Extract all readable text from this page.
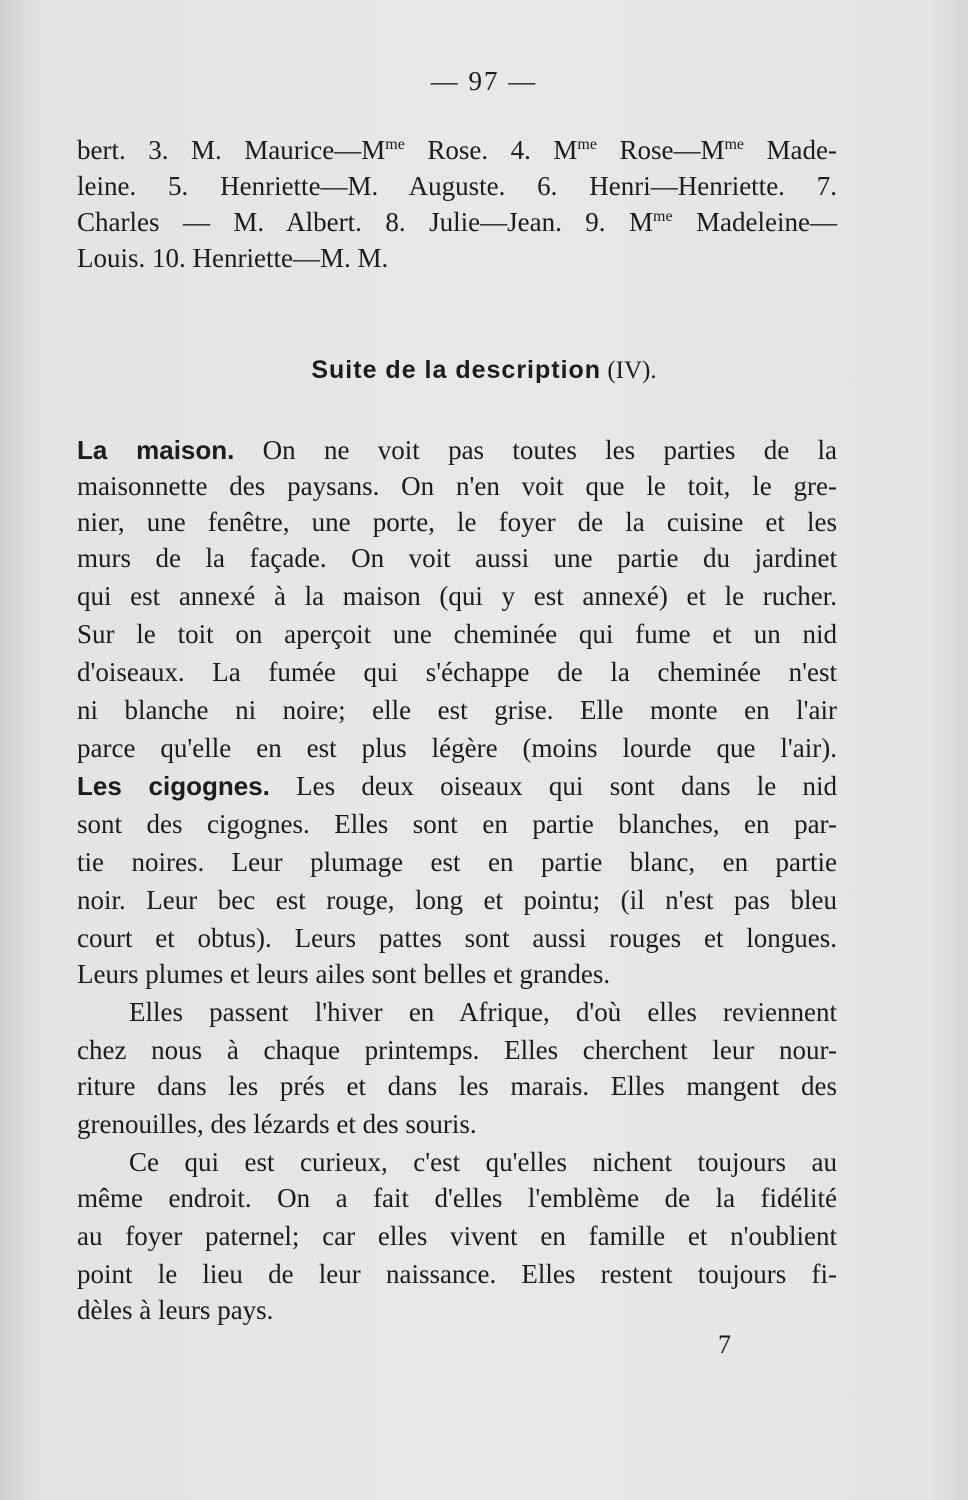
— 97 —
bert. 3. M. $Maurice—M^{me}$ Rose. 4. $M^{me}$ $Rose—M^{me}$ Made-
leine. 5. Henriette—M. Auguste. 6. Henri—Henriette. 7.
Charles — M. Albert. 8. Julie—Jean. 9. $M^{me}$ Madeleine—
Louis. 10. Henriette—M. M.
Suite de la description (IV).
La maison. On ne voit pas toutes les parties de la
maisonnette des paysans. On n'en voit que le toit, le gre-
nier, une fenêtre, une porte, le foyer de la cuisine et les
murs de la façade. On voit aussi une partie du jardinet
qui est annexé à la maison (qui y est annexé) et le rucher.
Sur le toit on aperçoit une cheminée qui fume et un nid
d'oiseaux. La fumée qui s'échappe de la cheminée n'est
ni blanche ni noire; elle est grise. Elle monte en l'air
parce qu'elle en est plus légère (moins lourde que l'air).
Les cigognes. Les deux oiseaux qui sont dans le nid
sont des cigognes. Elles sont en partie blanches, en par-
tie noires. Leur plumage est en partie blanc, en partie
noir. Leur bec est rouge, long et pointu; (il n'est pas bleu
court et obtus). Leurs pattes sont aussi rouges et longues.
Leurs plumes et leurs ailes sont belles et grandes.
Elles passent l'hiver en Afrique, d'où elles reviennent
chez nous à chaque printemps. Elles cherchent leur nour-
riture dans les prés et dans les marais. Elles mangent des
grenouilles, des lézards et des souris.
Ce qui est curieux, c'est qu'elles nichent toujours au
même endroit. On a fait d'elles l'emblème de la fidélité
au foyer paternel; car elles vivent en famille et n'oublient
point le lieu de leur naissance. Elles restent toujours fi-
dèles à leurs pays.
7
